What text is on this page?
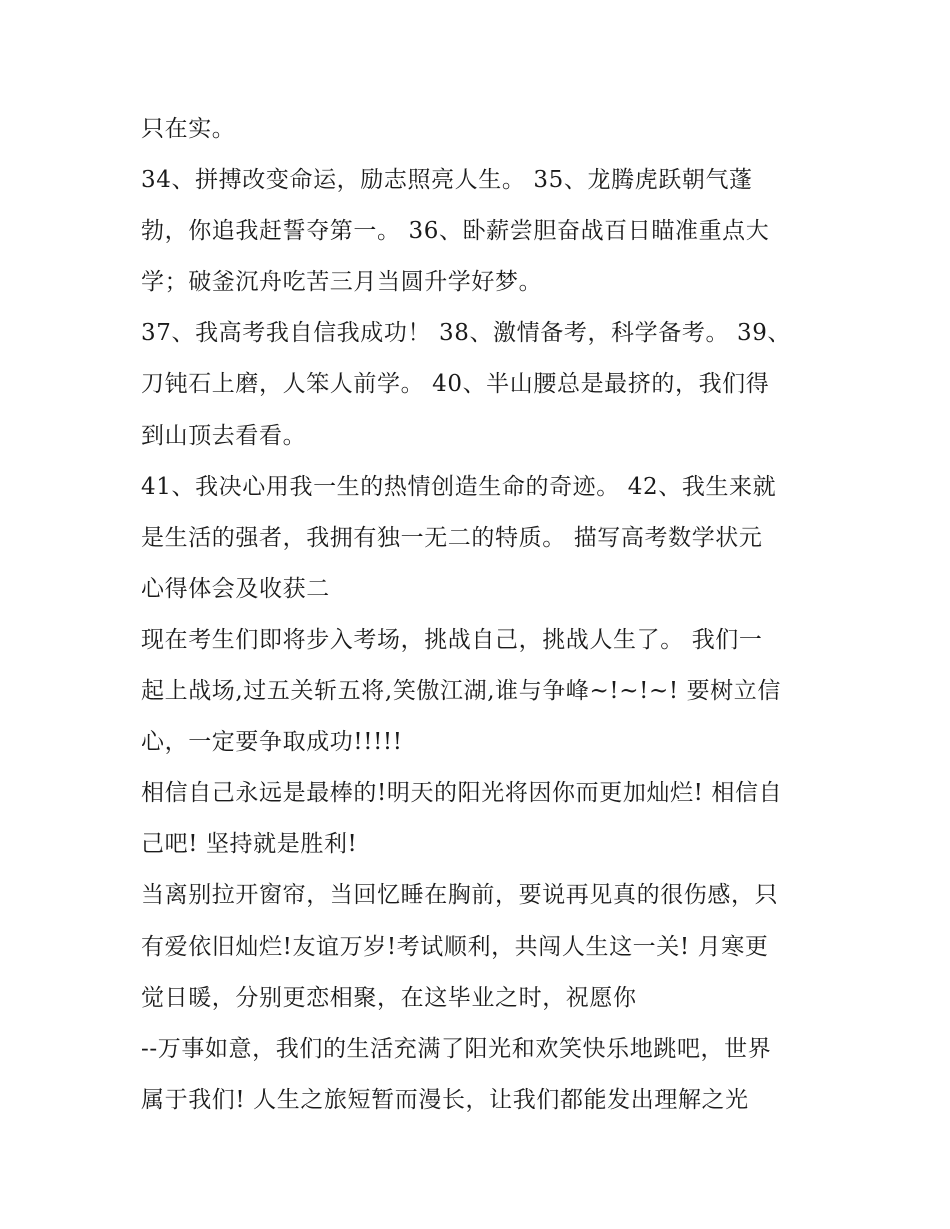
只在实。
34、拼搏改变命运，励志照亮人生。 35、龙腾虎跃朝气蓬
勃，你追我赶誓夺第一。 36、卧薪尝胆奋战百日瞄准重点大
学；破釜沉舟吃苦三月当圆升学好梦。
37、我高考我自信我成功！ 38、激情备考，科学备考。 39、
刀钝石上磨，人笨人前学。 40、半山腰总是最挤的，我们得
到山顶去看看。
41、我决心用我一生的热情创造生命的奇迹。 42、我生来就
是生活的强者，我拥有独一无二的特质。 描写高考数学状元
心得体会及收获二
现在考生们即将步入考场，挑战自己，挑战人生了。 我们一
起上战场,过五关斩五将,笑傲江湖,谁与争峰~!~!~! 要树立信
心，一定要争取成功!!!!!
相信自己永远是最棒的!明天的阳光将因你而更加灿烂! 相信自
己吧! 坚持就是胜利!
当离别拉开窗帘，当回忆睡在胸前，要说再见真的很伤感，只
有爱依旧灿烂!友谊万岁!考试顺利，共闯人生这一关! 月寒更
觉日暖，分别更恋相聚，在这毕业之时，祝愿你
--万事如意，我们的生活充满了阳光和欢笑快乐地跳吧，世界
属于我们! 人生之旅短暂而漫长，让我们都能发出理解之光
